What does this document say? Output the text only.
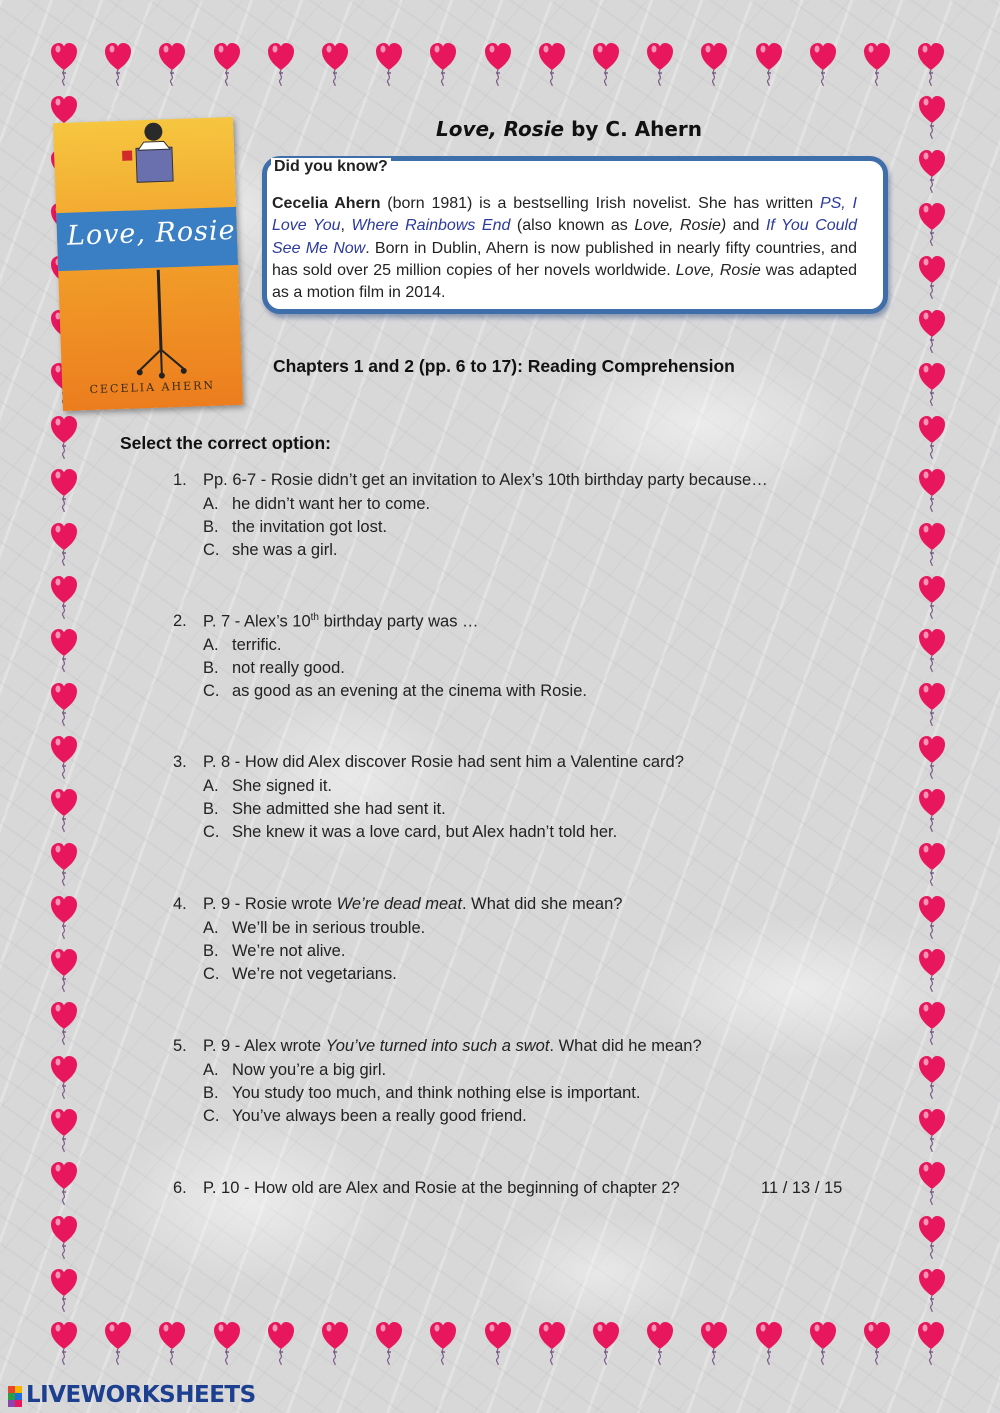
Love, Rosie
CECELIA AHERN
Love, Rosie by C. Ahern
Did you know?
Cecelia Ahern (born 1981) is a bestselling Irish novelist. She has written PS, I Love You, Where Rainbows End (also known as Love, Rosie) and If You Could See Me Now. Born in Dublin, Ahern is now published in nearly fifty countries, and has sold over 25 million copies of her novels worldwide. Love, Rosie was adapted as a motion film in 2014.
Chapters 1 and 2 (pp. 6 to 17): Reading Comprehension
Select the correct option:
1. Pp. 6-7 - Rosie didn’t get an invitation to Alex’s 10th birthday party because…
A. he didn’t want her to come.
B. the invitation got lost.
C. she was a girl.
2. P. 7 - Alex’s 10th birthday party was …
A. terrific.
B. not really good.
C. as good as an evening at the cinema with Rosie.
3. P. 8 - How did Alex discover Rosie had sent him a Valentine card?
A. She signed it.
B. She admitted she had sent it.
C. She knew it was a love card, but Alex hadn’t told her.
4. P. 9 - Rosie wrote We’re dead meat. What did she mean?
A. We’ll be in serious trouble.
B. We’re not alive.
C. We’re not vegetarians.
5. P. 9 - Alex wrote You’ve turned into such a swot. What did he mean?
A. Now you’re a big girl.
B. You study too much, and think nothing else is important.
C. You’ve always been a really good friend.
6. P. 10 - How old are Alex and Rosie at the beginning of chapter 2?	11 / 13 / 15
LIVEWORKSHEETS
